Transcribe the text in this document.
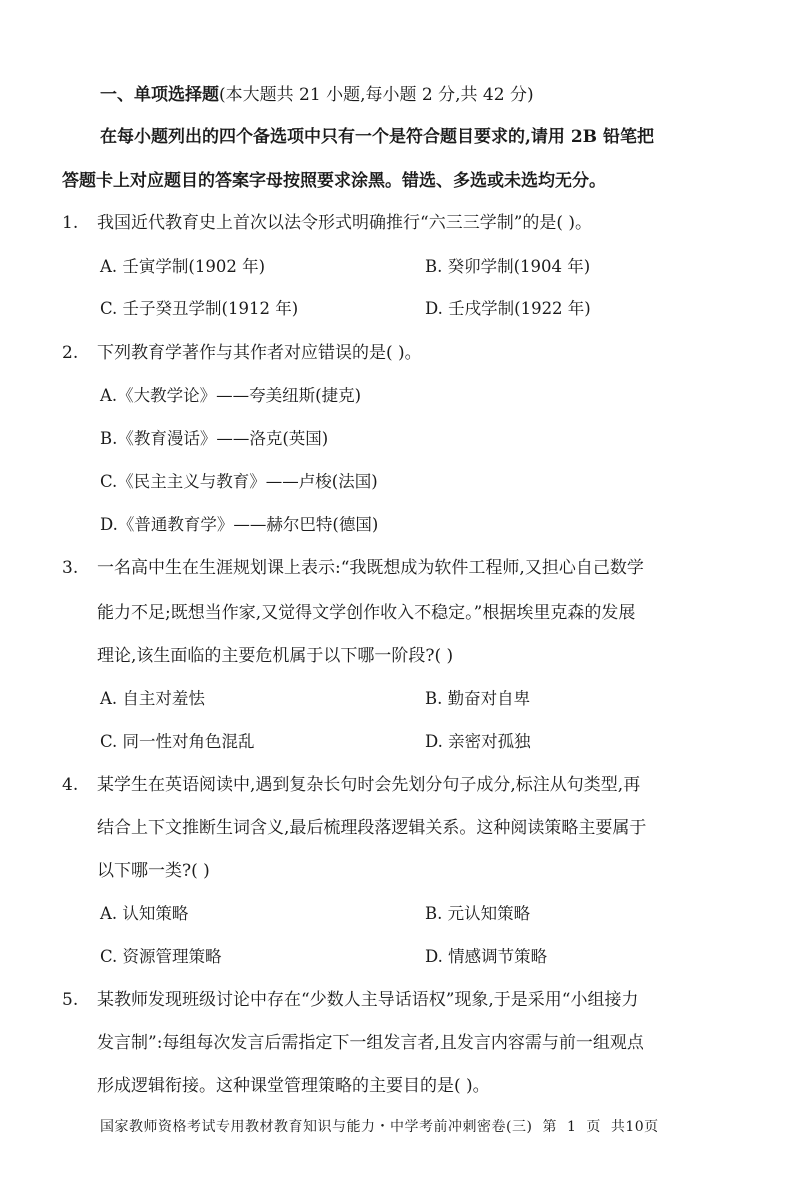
一、单项选择题(本大题共 21 小题,每小题 2 分,共 42 分)
在每小题列出的四个备选项中只有一个是符合题目要求的,请用 2B 铅笔把
答题卡上对应题目的答案字母按照要求涂黑。错选、多选或未选均无分。
1. 我国近代教育史上首次以法令形式明确推行“六三三学制”的是( )。
A. 壬寅学制(1902 年)	B. 癸卯学制(1904 年)
C. 壬子癸丑学制(1912 年)	D. 壬戌学制(1922 年)
2. 下列教育学著作与其作者对应错误的是( )。
A.《大教学论》——夸美纽斯(捷克)
B.《教育漫话》——洛克(英国)
C.《民主主义与教育》——卢梭(法国)
D.《普通教育学》——赫尔巴特(德国)
3. 一名高中生在生涯规划课上表示:“我既想成为软件工程师,又担心自己数学
能力不足;既想当作家,又觉得文学创作收入不稳定。”根据埃里克森的发展
理论,该生面临的主要危机属于以下哪一阶段?( )
A. 自主对羞怯	B. 勤奋对自卑
C. 同一性对角色混乱	D. 亲密对孤独
4. 某学生在英语阅读中,遇到复杂长句时会先划分句子成分,标注从句类型,再
结合上下文推断生词含义,最后梳理段落逻辑关系。这种阅读策略主要属于
以下哪一类?( )
A. 认知策略	B. 元认知策略
C. 资源管理策略	D. 情感调节策略
5. 某教师发现班级讨论中存在“少数人主导话语权”现象,于是采用“小组接力
发言制”:每组每次发言后需指定下一组发言者,且发言内容需与前一组观点
形成逻辑衔接。这种课堂管理策略的主要目的是( )。
国家教师资格考试专用教材教育知识与能力・中学考前冲刺密卷(三) 第 1 页 共10页
